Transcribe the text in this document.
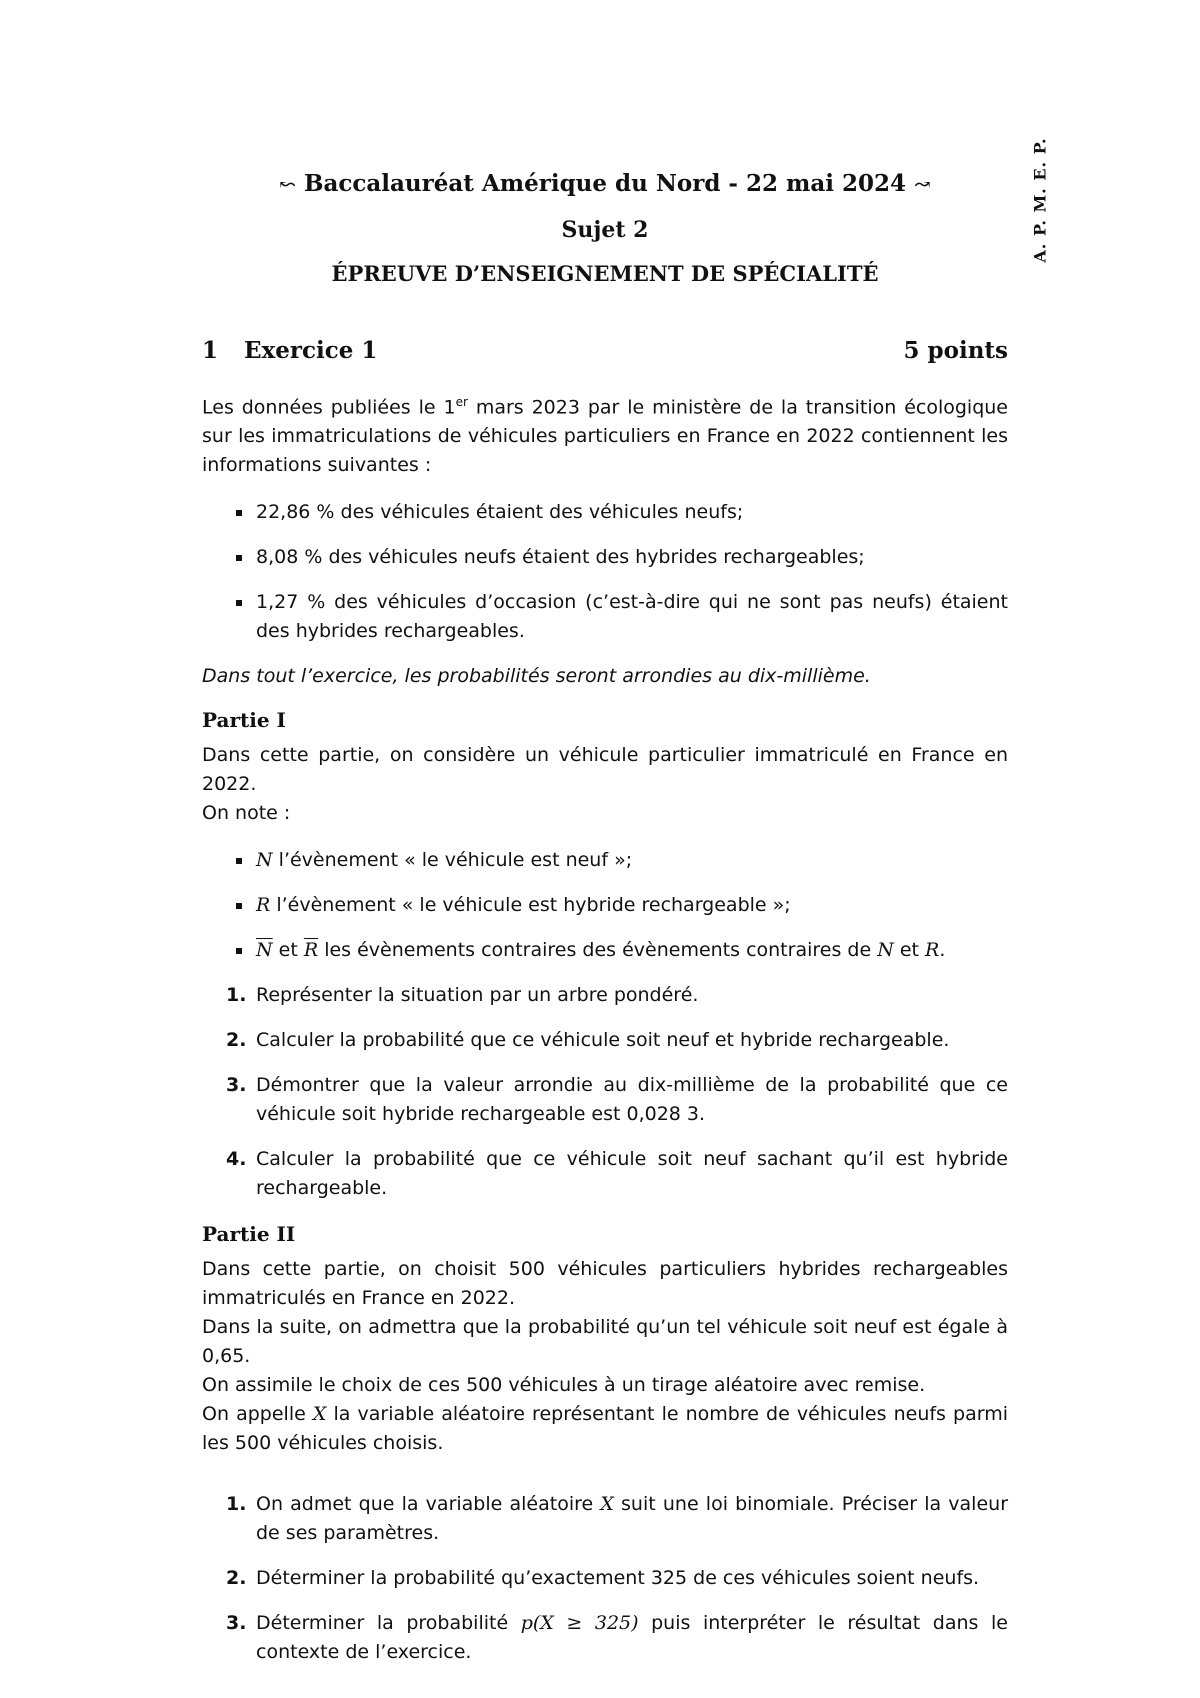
A. P. M. E. P.
↜ Baccalauréat Amérique du Nord - 22 mai 2024 ↝
Sujet 2
ÉPREUVE D’ENSEIGNEMENT DE SPÉCIALITÉ
1 Exercice 1	5 points

Les données publiées le 1er mars 2023 par le ministère de la transition écologique sur les immatriculations de véhicules particuliers en France en 2022 contiennent les informations suivantes :

22,86 % des véhicules étaient des véhicules neufs;
8,08 % des véhicules neufs étaient des hybrides rechargeables;
1,27 % des véhicules d’occasion (c’est-à-dire qui ne sont pas neufs) étaient des hybrides rechargeables.

Dans tout l’exercice, les probabilités seront arrondies au dix-millième.

Partie I

Dans cette partie, on considère un véhicule particulier immatriculé en France en 2022.

On note :

N l’évènement « le véhicule est neuf »;
R l’évènement « le véhicule est hybride rechargeable »;
$\overline{N}$ et $\overline{R}$ les évènements contraires des évènements contraires de N et R.
1. Représenter la situation par un arbre pondéré.
2. Calculer la probabilité que ce véhicule soit neuf et hybride rechargeable.
3. Démontrer que la valeur arrondie au dix-millième de la probabilité que ce véhicule soit hybride rechargeable est 0,028 3.
4. Calculer la probabilité que ce véhicule soit neuf sachant qu’il est hybride rechargeable.
Partie II

Dans cette partie, on choisit 500 véhicules particuliers hybrides rechargeables immatriculés en France en 2022.

Dans la suite, on admettra que la probabilité qu’un tel véhicule soit neuf est égale à 0,65.

On assimile le choix de ces 500 véhicules à un tirage aléatoire avec remise.

On appelle X la variable aléatoire représentant le nombre de véhicules neufs parmi les 500 véhicules choisis.

1. On admet que la variable aléatoire X suit une loi binomiale. Préciser la valeur de ses paramètres.
2. Déterminer la probabilité qu’exactement 325 de ces véhicules soient neufs.
3. Déterminer la probabilité p(X ≥ 325) puis interpréter le résultat dans le contexte de l’exercice.
